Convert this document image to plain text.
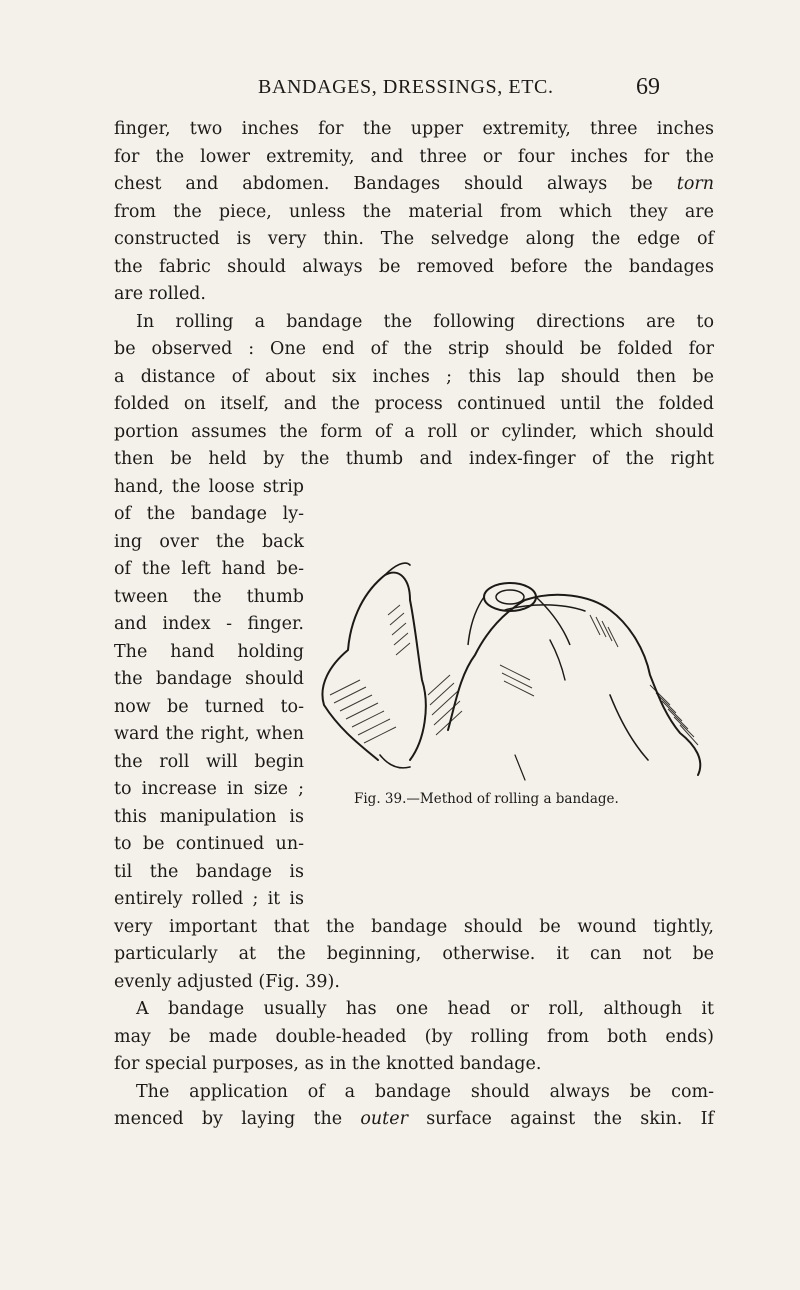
BANDAGES, DRESSINGS, ETC.	69
finger, two inches for the upper extremity, three inches
for the lower extremity, and three or four inches for the
chest and abdomen. Bandages should always be torn
from the piece, unless the material from which they are
constructed is very thin. The selvedge along the edge of
the fabric should always be removed before the bandages
are rolled.
In rolling a bandage the following directions are to
be observed : One end of the strip should be folded for
a distance of about six inches ; this lap should then be
folded on itself, and the process continued until the folded
portion assumes the form of a roll or cylinder, which should
then be held by the thumb and index-finger of the right
hand, the loose strip
of the bandage ly-
ing over the back
of the left hand be-
tween the thumb
and index - finger.
The hand holding
the bandage should
now be turned to-
ward the right, when
the roll will begin
to increase in size ;
this manipulation is
to be continued un-
til the bandage is
entirely rolled ; it is
very important that the bandage should be wound tightly,
particularly at the beginning, otherwise. it can not be
evenly adjusted (Fig. 39).
A bandage usually has one head or roll, although it
may be made double-headed (by rolling from both ends)
for special purposes, as in the knotted bandage.
The application of a bandage should always be com-
menced by laying the outer surface against the skin. If
Fig. 39.—Method of rolling a bandage.
